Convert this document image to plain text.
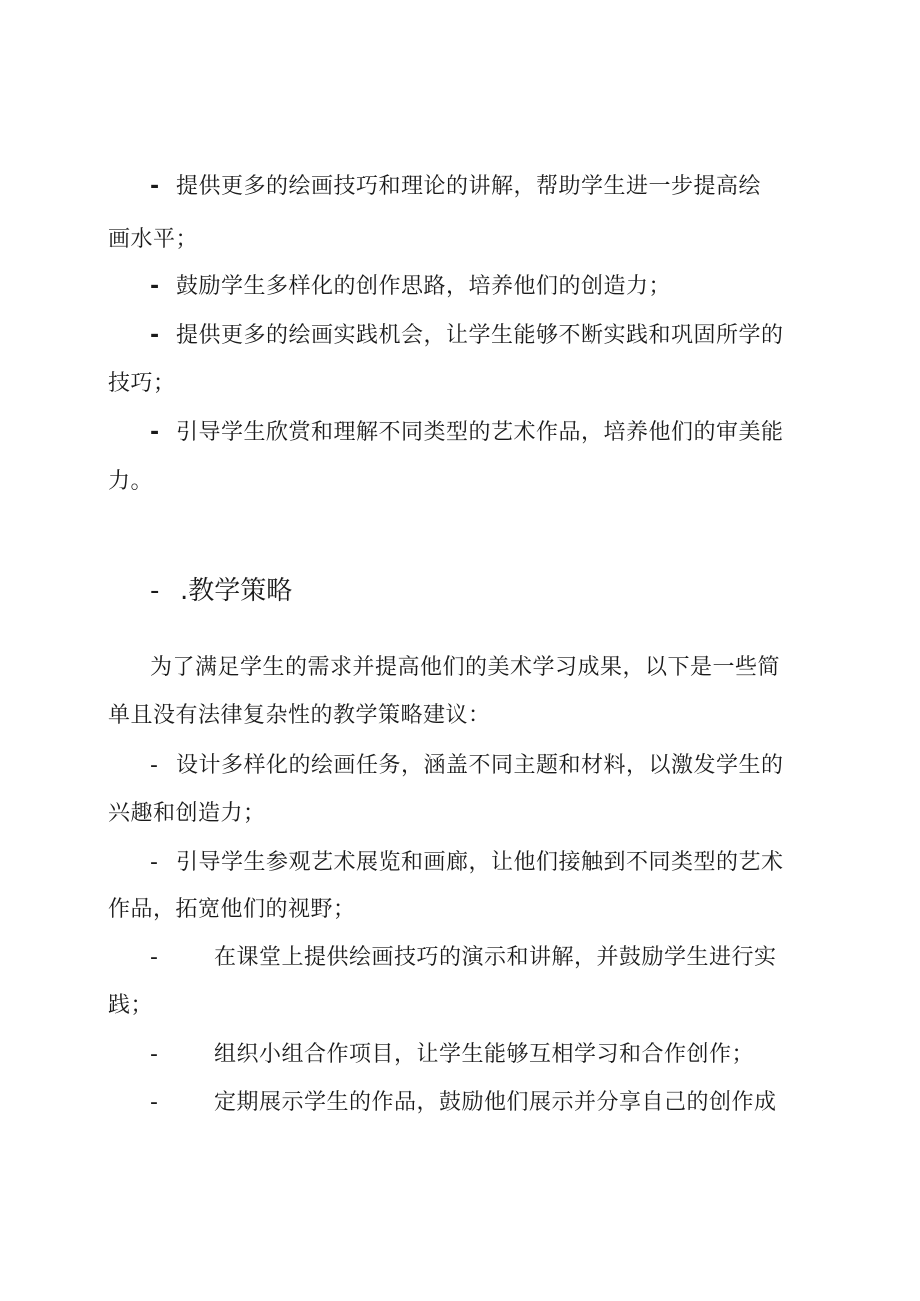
- 提供更多的绘画技巧和理论的讲解，帮助学生进一步提高绘
画水平；
- 鼓励学生多样化的创作思路，培养他们的创造力；
- 提供更多的绘画实践机会，让学生能够不断实践和巩固所学的
技巧；
- 引导学生欣赏和理解不同类型的艺术作品，培养他们的审美能
力。
- .教学策略
为了满足学生的需求并提高他们的美术学习成果，以下是一些简
单且没有法律复杂性的教学策略建议：
- 设计多样化的绘画任务，涵盖不同主题和材料，以激发学生的
兴趣和创造力；
- 引导学生参观艺术展览和画廊，让他们接触到不同类型的艺术
作品，拓宽他们的视野；
-	在课堂上提供绘画技巧的演示和讲解，并鼓励学生进行实
践；
-	组织小组合作项目，让学生能够互相学习和合作创作；
-	定期展示学生的作品，鼓励他们展示并分享自己的创作成
